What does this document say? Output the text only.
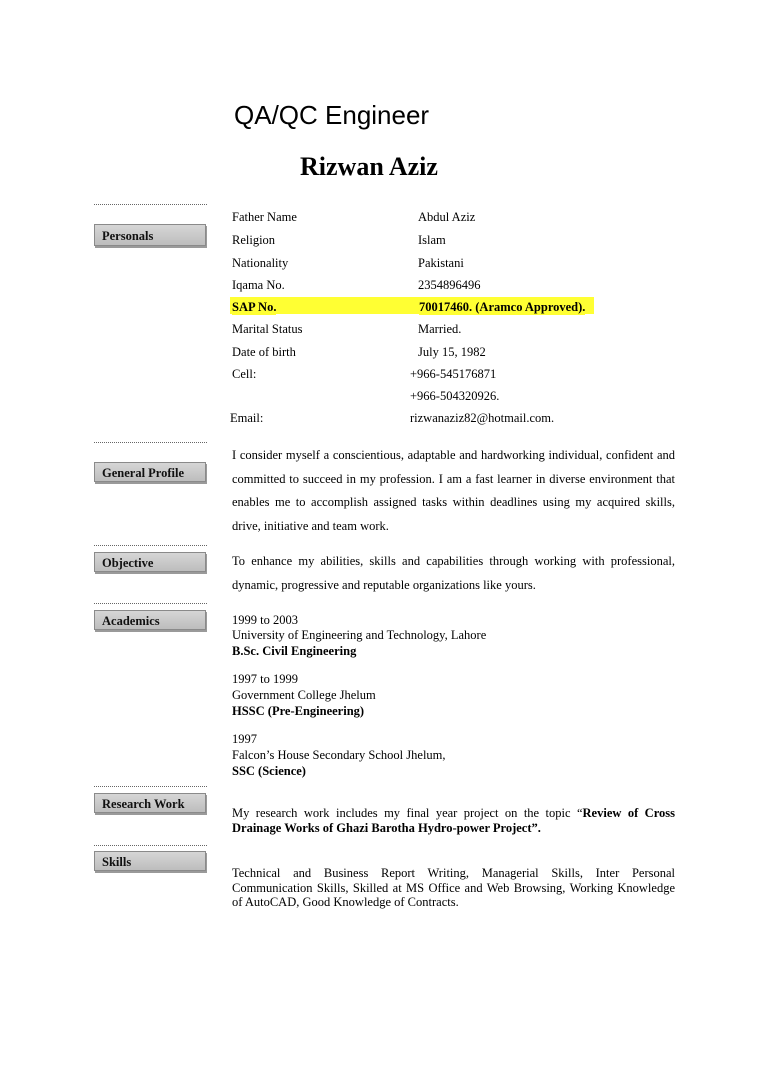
QA/QC Engineer
Rizwan Aziz
Personals
Father Name	Abdul Aziz
Religion	Islam
Nationality	Pakistani
Iqama No.	2354896496
SAP No.	70017460. (Aramco Approved).
Marital Status	Married.
Date of birth	July 15, 1982
Cell:	+966-545176871
+966-504320926.
Email:	rizwanaziz82@hotmail.com.
General Profile
I consider myself a conscientious, adaptable and hardworking individual, confident and committed to succeed in my profession. I am a fast learner in diverse environment that enables me to accomplish assigned tasks within deadlines using my acquired skills, drive, initiative and team work.
Objective	To enhance my abilities, skills and capabilities through working with professional, dynamic, progressive and reputable organizations like yours.
Academics	1999 to 2003
University of Engineering and Technology, Lahore
B.Sc. Civil Engineering
1997 to 1999
Government College Jhelum
HSSC (Pre-Engineering)
1997
Falcon’s House Secondary School Jhelum,
SSC (Science)
Research Work
My research work includes my final year project on the topic “Review of Cross Drainage Works of Ghazi Barotha Hydro-power Project”.
Skills
Technical and Business Report Writing, Managerial Skills, Inter Personal Communication Skills, Skilled at MS Office and Web Browsing, Working Knowledge of AutoCAD, Good Knowledge of Contracts.
